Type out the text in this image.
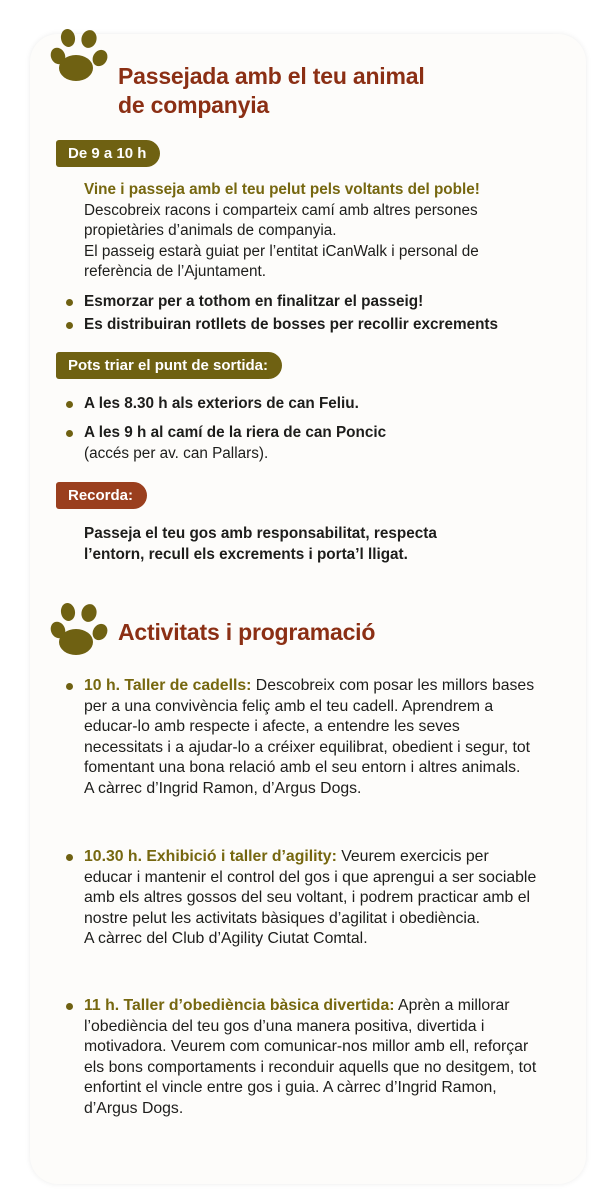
Passejada amb el teu animal
de companyia
De 9 a 10 h

Vine i passeja amb el teu pelut pels voltants del poble! Descobreix racons i comparteix camí amb altres persones propietàries d’animals de companyia.
El passeig estarà guiat per l’entitat iCanWalk i personal de referència de l’Ajuntament.

Esmorzar per a tothom en finalitzar el passeig!

Es distribuiran rotllets de bosses per recollir excrements

Pots triar el punt de sortida:

A les 8.30 h als exteriors de can Feliu.

A les 9 h al camí de la riera de can Poncic
(accés per av. can Pallars).

Recorda:

Passeja el teu gos amb responsabilitat, respecta l’entorn, recull els excrements i porta’l lligat.

Activitats i programació

10 h. Taller de cadells: Descobreix com posar les millors bases per a una convivència feliç amb el teu cadell. Aprendrem a educar-lo amb respecte i afecte, a entendre les seves necessitats i a ajudar-lo a créixer equilibrat, obedient i segur, tot fomentant una bona relació amb el seu entorn i altres animals.
A càrrec d’Ingrid Ramon, d’Argus Dogs.

10.30 h. Exhibició i taller d’agility: Veurem exercicis per educar i mantenir el control del gos i que aprengui a ser sociable amb els altres gossos del seu voltant, i podrem practicar amb el nostre pelut les activitats bàsiques d’agilitat i obediència.
A càrrec del Club d’Agility Ciutat Comtal.

11 h. Taller d’obediència bàsica divertida: Aprèn a millorar l’obediència del teu gos d’una manera positiva, divertida i motivadora. Veurem com comunicar-nos millor amb ell, reforçar els bons comportaments i reconduir aquells que no desitgem, tot enfortint el vincle entre gos i guia. A càrrec d’Ingrid Ramon, d’Argus Dogs.
